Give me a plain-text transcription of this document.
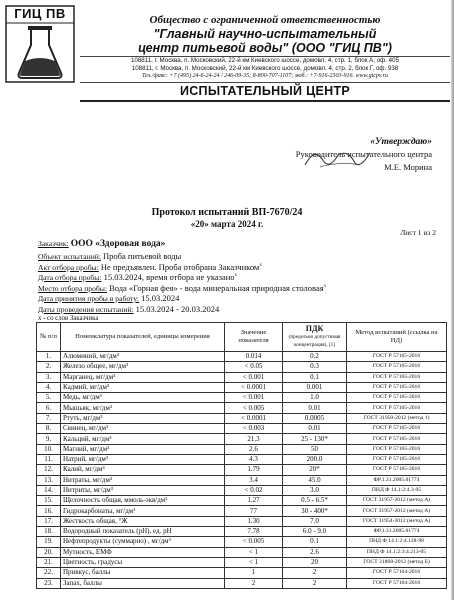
ГИЦ ПВ	Общество с ограниченной ответственностью
"Главный научно-испытательный
центр питьевой воды" (ООО "ГИЦ ПВ")
108811, г. Москва, п. Московский, 22-й км Киевского шоссе, домовл. 4, стр. 1, блок А, оф. 405
108811, г. Москва, п. Московский, 22-й км Киевского шоссе, домовл. 4, стр. 2, блок Г, оф. 938
Тел./факс: +7 (495) 24-6-24-24 / 246-09-35; 8-800-707-1107; моб.: +7-916-2303-916. www.gicpv.ru
ИСПЫТАТЕЛЬНЫЙ ЦЕНТР
«Утверждаю»
Руководитель испытательного центра
М.Е. Морина
Протокол испытаний ВП-7670/24
«20» марта 2024 г.
Лист 1 из 2
Заказчик: ООО «Здоровая вода»
Объект испытаний: Проба питьевой воды
Акт отбора пробы: Не предъявлен. Проба отобрана Заказчиком$^x$
Дата отбора пробы: 15.03.2024, время отбора не указано$^x$
Место отбора пробы: Вода «Горная фея» - вода минеральная природная столовая$^x$
Дата принятия пробы в работу: 15.03.2024
Даты проведения испытаний: 15.03.2024 - 20.03.2024
х - со слов Заказчика
№ п/п	Номенклатура показателей, единицы измерения	Значение показателя	ПДК
(предельно допустимая концентрация), [1]	Метод испытаний (ссылка на НД)
1.	Алюминий, мг/дм³	0.014	0.2	ГОСТ Р 57165-2016
2.	Железо общее, мг/дм³	< 0.05	0.3	ГОСТ Р 57165-2016
3.	Марганец, мг/дм³	< 0.001	0.1	ГОСТ Р 57165-2016
4.	Кадмий, мг/дм³	< 0.0001	0.001	ГОСТ Р 57165-2016
5.	Медь, мг/дм³	< 0.001	1.0	ГОСТ Р 57165-2016
6.	Мышьяк, мг/дм³	< 0.005	0.01	ГОСТ Р 57165-2016
7.	Ртуть, мг/дм³	< 0.0001	0.0005	ГОСТ 31950-2012 (метод 1)
8.	Свинец, мг/дм³	< 0.003	0.01	ГОСТ Р 57165-2016
9.	Кальций, мг/дм³	21.3	25 - 130*	ГОСТ Р 57165-2016
10.	Магний, мг/дм³	2.6	50	ГОСТ Р 57165-2016
11.	Натрий, мг/дм³	4.3	200.0	ГОСТ Р 57165-2016
12.	Калий, мг/дм³	1.79	20*	ГОСТ Р 57165-2016
13.	Нитраты, мг/дм³	3.4	45.0	ФР.1.31.2005.01774
14.	Нитриты, мг/дм³	< 0.02	3.0	ПНД Ф 14.1:2:4.3-95
15.	Щелочность общая, ммоль-экв/дм³	1.27	0.5 - 6.5*	ГОСТ 31957-2012 (метод А)
16.	Гидрокарбонаты, мг/дм³	77	30 - 400*	ГОСТ 31957-2012 (метод А)
17.	Жесткость общая, °Ж	1.30	7.0	ГОСТ 31954-2012 (метод А)
18.	Водородный показатель (pH), ед. pH	7.78	6.0 - 9.0	ФР.1.31.2005.01774
19.	Нефтепродукты (суммарно) , мг/дм³	< 0.005	0.1	ПНД Ф 14.1:2:4.128-98
20.	Мутность, ЕМФ	< 1	2.6	ПНД Ф 14.1:2:3:4.213-05
21.	Цветность, градусы	< 1	20	ГОСТ 31868-2012 (метод Б)
22.	Привкус, баллы	1	2	ГОСТ Р 57164-2016
23.	Запах, баллы	2	2	ГОСТ Р 57164-2016
